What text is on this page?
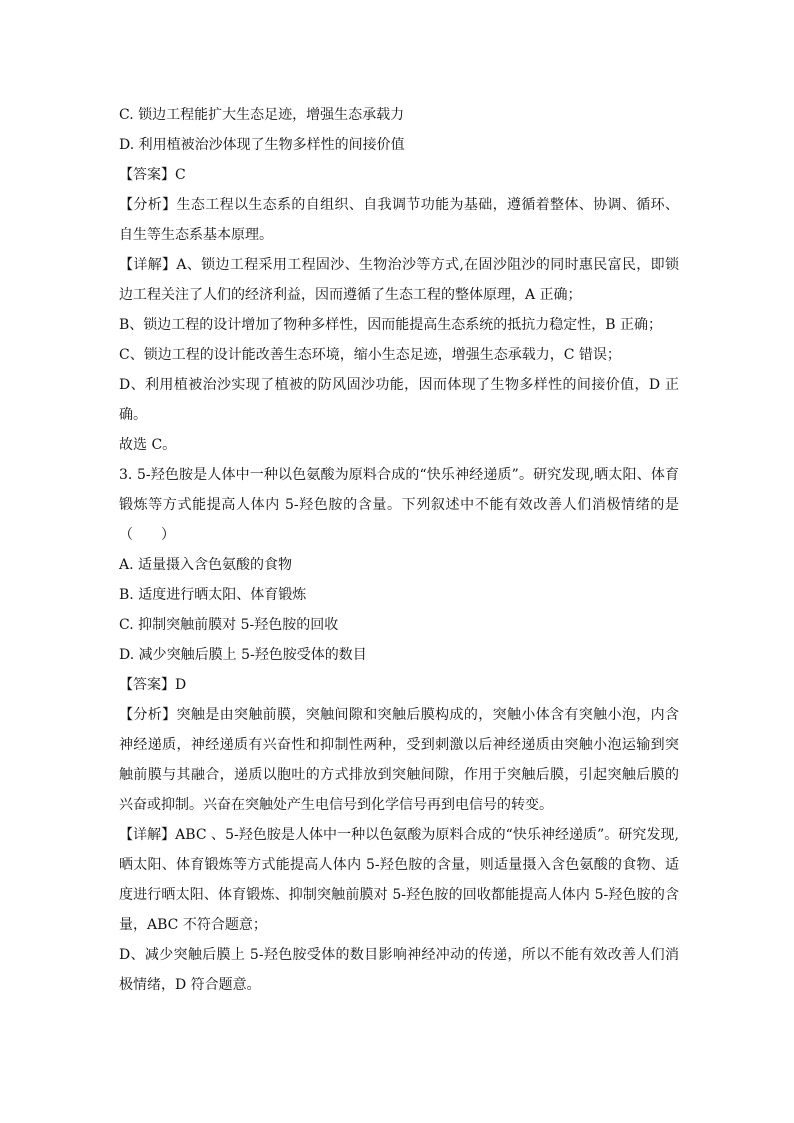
C. 锁边工程能扩大生态足迹，增强生态承载力
D. 利用植被治沙体现了生物多样性的间接价值
【答案】C
【分析】生态工程以生态系的自组织、自我调节功能为基础，遵循着整体、协调、循环、
自生等生态系基本原理。
【详解】A、锁边工程采用工程固沙、生物治沙等方式,在固沙阻沙的同时惠民富民，即锁
边工程关注了人们的经济利益，因而遵循了生态工程的整体原理，A 正确；
B、锁边工程的设计增加了物种多样性，因而能提高生态系统的抵抗力稳定性，B 正确；
C、锁边工程的设计能改善生态环境，缩小生态足迹，增强生态承载力，C 错误；
D、利用植被治沙实现了植被的防风固沙功能，因而体现了生物多样性的间接价值，D 正
确。
故选 C。
3. 5-羟色胺是人体中一种以色氨酸为原料合成的“快乐神经递质”。研究发现,晒太阳、体育
锻炼等方式能提高人体内 5-羟色胺的含量。下列叙述中不能有效改善人们消极情绪的是
（　　）
A. 适量摄入含色氨酸的食物
B. 适度进行晒太阳、体育锻炼
C. 抑制突触前膜对 5-羟色胺的回收
D. 减少突触后膜上 5-羟色胺受体的数目
【答案】D
【分析】突触是由突触前膜，突触间隙和突触后膜构成的，突触小体含有突触小泡，内含
神经递质，神经递质有兴奋性和抑制性两种，受到刺激以后神经递质由突触小泡运输到突
触前膜与其融合，递质以胞吐的方式排放到突触间隙，作用于突触后膜，引起突触后膜的
兴奋或抑制。兴奋在突触处产生电信号到化学信号再到电信号的转变。
【详解】ABC 、5-羟色胺是人体中一种以色氨酸为原料合成的“快乐神经递质”。研究发现,
晒太阳、体育锻炼等方式能提高人体内 5-羟色胺的含量，则适量摄入含色氨酸的食物、适
度进行晒太阳、体育锻炼、抑制突触前膜对 5-羟色胺的回收都能提高人体内 5-羟色胺的含
量，ABC 不符合题意；
D、减少突触后膜上 5-羟色胺受体的数目影响神经冲动的传递，所以不能有效改善人们消
极情绪，D 符合题意。
